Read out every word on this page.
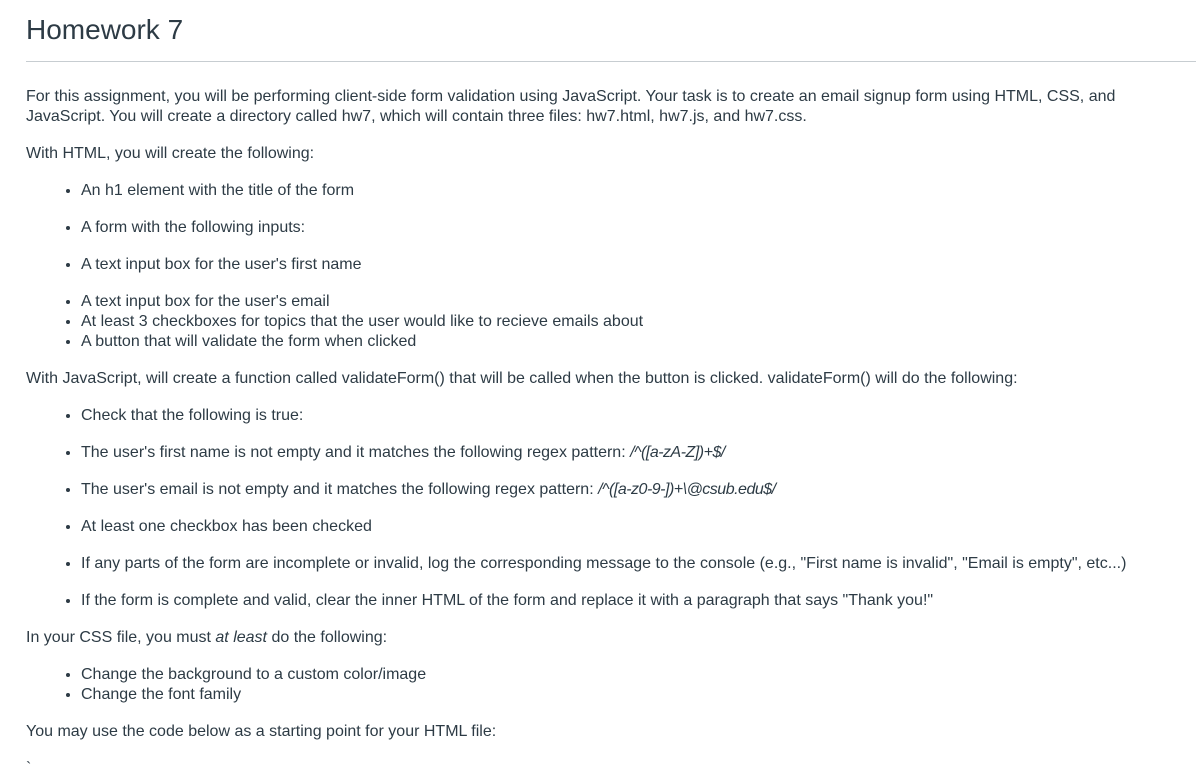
Homework 7

For this assignment, you will be performing client-side form validation using JavaScript. Your task is to create an email signup form using HTML, CSS, and JavaScript. You will create a directory called hw7, which will contain three files: hw7.html, hw7.js, and hw7.css.

With HTML, you will create the following:

• An h1 element with the title of the form
• A form with the following inputs:
• A text input box for the user's first name
• A text input box for the user's email
• At least 3 checkboxes for topics that the user would like to recieve emails about
• A button that will validate the form when clicked

With JavaScript, will create a function called validateForm() that will be called when the button is clicked. validateForm() will do the following:

• Check that the following is true:
• The user's first name is not empty and it matches the following regex pattern: /^([a-zA-Z])+$/
• The user's email is not empty and it matches the following regex pattern: /^([a-z0-9-])+\@csub.edu$/
• At least one checkbox has been checked
• If any parts of the form are incomplete or invalid, log the corresponding message to the console (e.g., "First name is invalid", "Email is empty", etc...)
• If the form is complete and valid, clear the inner HTML of the form and replace it with a paragraph that says "Thank you!"

In your CSS file, you must at least do the following:

• Change the background to a custom color/image
• Change the font family

You may use the code below as a starting point for your HTML file:

`
